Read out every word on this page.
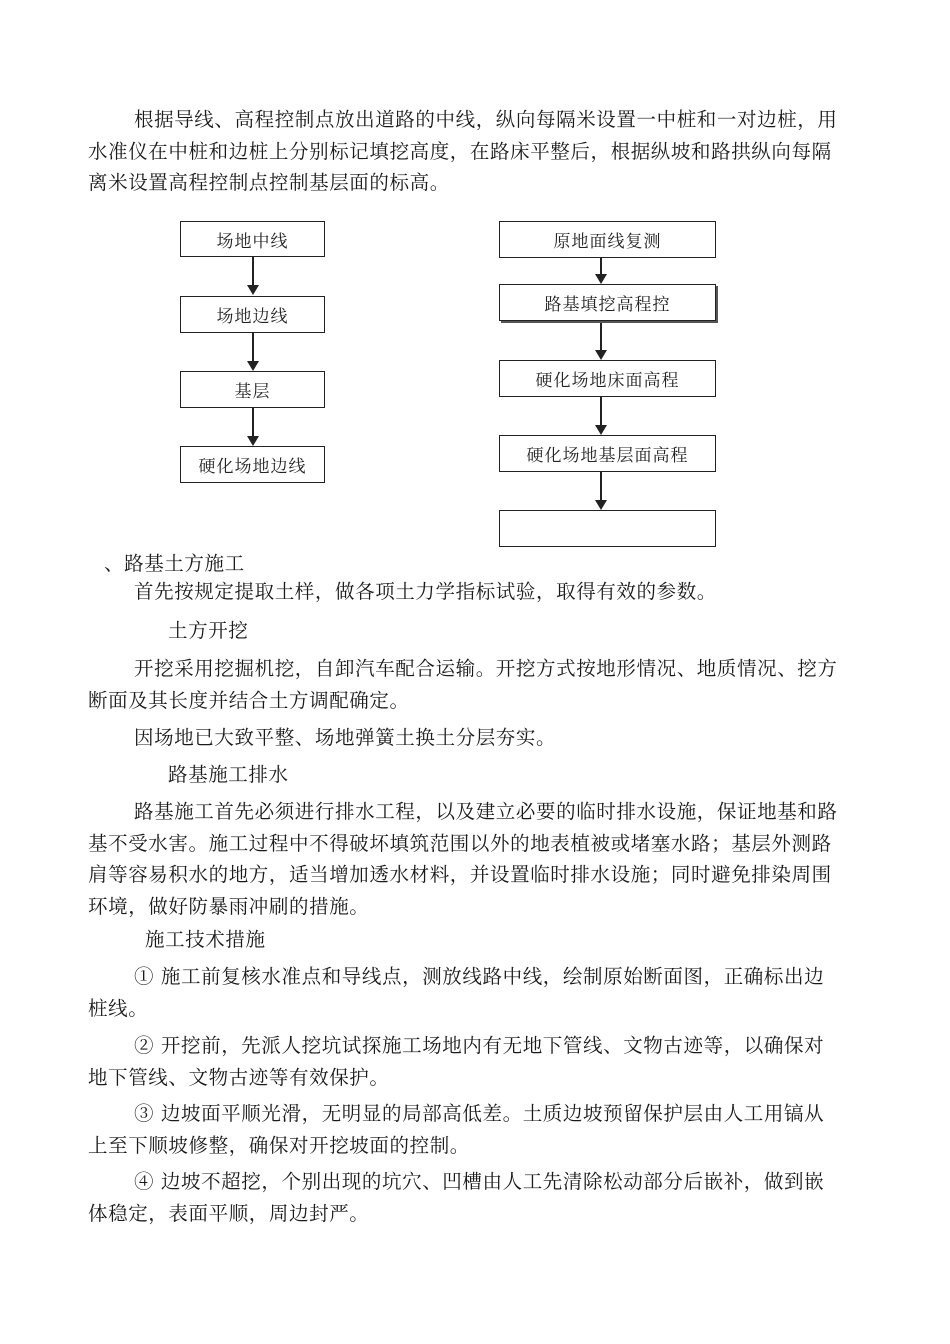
根据导线、高程控制点放出道路的中线，纵向每隔米设置一中桩和一对边桩，用水准仪在中桩和边桩上分别标记填挖高度，在路床平整后，根据纵坡和路拱纵向每隔离米设置高程控制点控制基层面的标高。

场地中线
场地边线
基层
硬化场地边线
原地面线复测
路基填挖高程控
硬化场地床面高程
硬化场地基层面高程

、路基土方施工

首先按规定提取土样，做各项土力学指标试验，取得有效的参数。

土方开挖

开挖采用挖掘机挖，自卸汽车配合运输。开挖方式按地形情况、地质情况、挖方断面及其长度并结合土方调配确定。

因场地已大致平整、场地弹簧土换土分层夯实。

路基施工排水

路基施工首先必须进行排水工程，以及建立必要的临时排水设施，保证地基和路基不受水害。施工过程中不得破坏填筑范围以外的地表植被或堵塞水路；基层外测路肩等容易积水的地方，适当增加透水材料，并设置临时排水设施；同时避免排染周围环境，做好防暴雨冲刷的措施。

施工技术措施

① 施工前复核水准点和导线点，测放线路中线，绘制原始断面图，正确标出边桩线。

② 开挖前，先派人挖坑试探施工场地内有无地下管线、文物古迹等，以确保对地下管线、文物古迹等有效保护。

③ 边坡面平顺光滑，无明显的局部高低差。土质边坡预留保护层由人工用镐从上至下顺坡修整，确保对开挖坡面的控制。

④ 边坡不超挖，个别出现的坑穴、凹槽由人工先清除松动部分后嵌补，做到嵌体稳定，表面平顺，周边封严。
